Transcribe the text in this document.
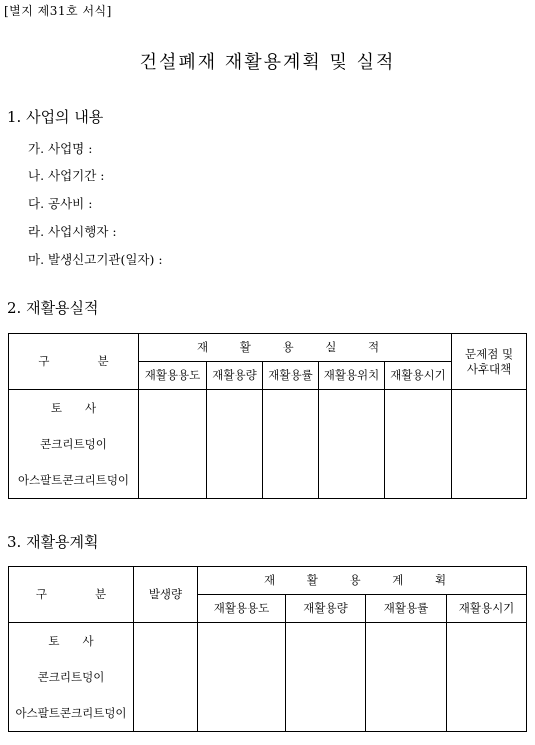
[별지 제31호 서식]
건설폐재 재활용계획 및 실적
1. 사업의 내용
가. 사업명 :
나. 사업기간 :
다. 공사비 :
라. 사업시행자 :
마. 발생신고기관(일자) :
2. 재활용실적
구 분	재 활 용 실 적					문제점 및
사후대책

	재활용용도	재활용량	재활용률	재활용위치	재활용시기	

토　　사
콘크리트덩이
아스팔트콘크리트덩이						

3. 재활용계획
구 분	발생량	재 활 용 계 획			
		재활용용도	재활용량	재활용률	재활용시기

토　　사
콘크리트덩이
아스팔트콘크리트덩이					
